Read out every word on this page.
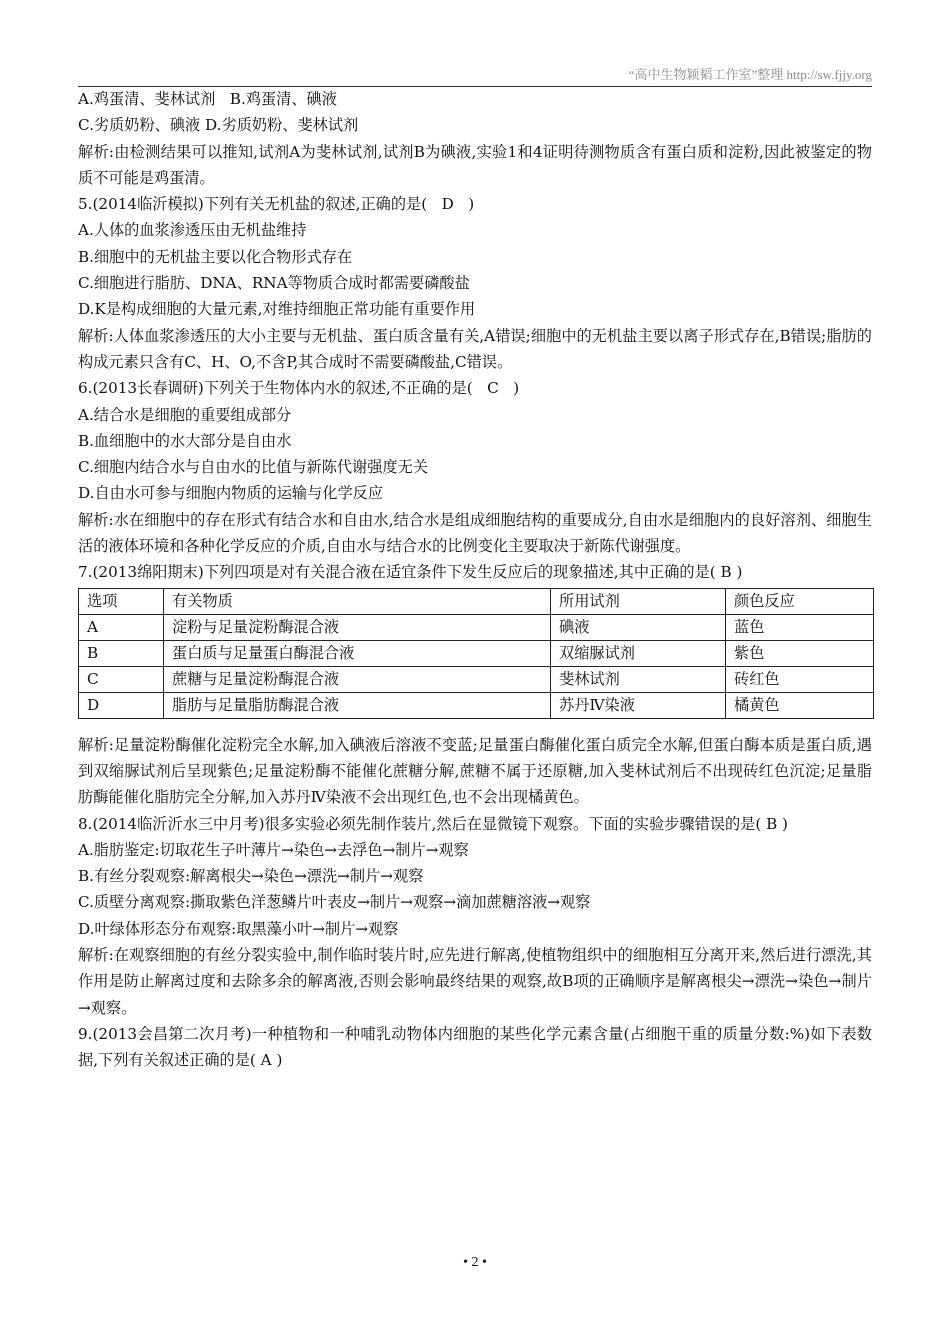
“高中生物颖韬工作室”整理 http://sw.fjjy.org
A.鸡蛋清、斐林试剂   B.鸡蛋清、碘液
C.劣质奶粉、碘液 D.劣质奶粉、斐林试剂
解析:由检测结果可以推知,试剂A为斐林试剂,试剂B为碘液,实验1和4证明待测物质含有蛋白质和淀粉,因此被鉴定的物质不可能是鸡蛋清。
5.(2014临沂模拟)下列有关无机盐的叙述,正确的是(   D   )
A.人体的血浆渗透压由无机盐维持
B.细胞中的无机盐主要以化合物形式存在
C.细胞进行脂肪、DNA、RNA等物质合成时都需要磷酸盐
D.K是构成细胞的大量元素,对维持细胞正常功能有重要作用
解析:人体血浆渗透压的大小主要与无机盐、蛋白质含量有关,A错误;细胞中的无机盐主要以离子形式存在,B错误;脂肪的构成元素只含有C、H、O,不含P,其合成时不需要磷酸盐,C错误。
6.(2013长春调研)下列关于生物体内水的叙述,不正确的是(   C   )
A.结合水是细胞的重要组成部分
B.血细胞中的水大部分是自由水
C.细胞内结合水与自由水的比值与新陈代谢强度无关
D.自由水可参与细胞内物质的运输与化学反应
解析:水在细胞中的存在形式有结合水和自由水,结合水是组成细胞结构的重要成分,自由水是细胞内的良好溶剂、细胞生活的液体环境和各种化学反应的介质,自由水与结合水的比例变化主要取决于新陈代谢强度。
7.(2013绵阳期末)下列四项是对有关混合液在适宜条件下发生反应后的现象描述,其中正确的是( B )
选项	有关物质	所用试剂	颜色反应
A	淀粉与足量淀粉酶混合液	碘液	蓝色
B	蛋白质与足量蛋白酶混合液	双缩脲试剂	紫色
C	蔗糖与足量淀粉酶混合液	斐林试剂	砖红色
D	脂肪与足量脂肪酶混合液	苏丹Ⅳ染液	橘黄色
解析:足量淀粉酶催化淀粉完全水解,加入碘液后溶液不变蓝;足量蛋白酶催化蛋白质完全水解,但蛋白酶本质是蛋白质,遇到双缩脲试剂后呈现紫色;足量淀粉酶不能催化蔗糖分解,蔗糖不属于还原糖,加入斐林试剂后不出现砖红色沉淀;足量脂肪酶能催化脂肪完全分解,加入苏丹Ⅳ染液不会出现红色,也不会出现橘黄色。
8.(2014临沂沂水三中月考)很多实验必须先制作装片,然后在显微镜下观察。下面的实验步骤错误的是( B )
A.脂肪鉴定:切取花生子叶薄片→染色→去浮色→制片→观察
B.有丝分裂观察:解离根尖→染色→漂洗→制片→观察
C.质壁分离观察:撕取紫色洋葱鳞片叶表皮→制片→观察→滴加蔗糖溶液→观察
D.叶绿体形态分布观察:取黑藻小叶→制片→观察
解析:在观察细胞的有丝分裂实验中,制作临时装片时,应先进行解离,使植物组织中的细胞相互分离开来,然后进行漂洗,其作用是防止解离过度和去除多余的解离液,否则会影响最终结果的观察,故B项的正确顺序是解离根尖→漂洗→染色→制片→观察。
9.(2013会昌第二次月考)一种植物和一种哺乳动物体内细胞的某些化学元素含量(占细胞干重的质量分数:%)如下表数据,下列有关叙述正确的是( A )
• 2 •
